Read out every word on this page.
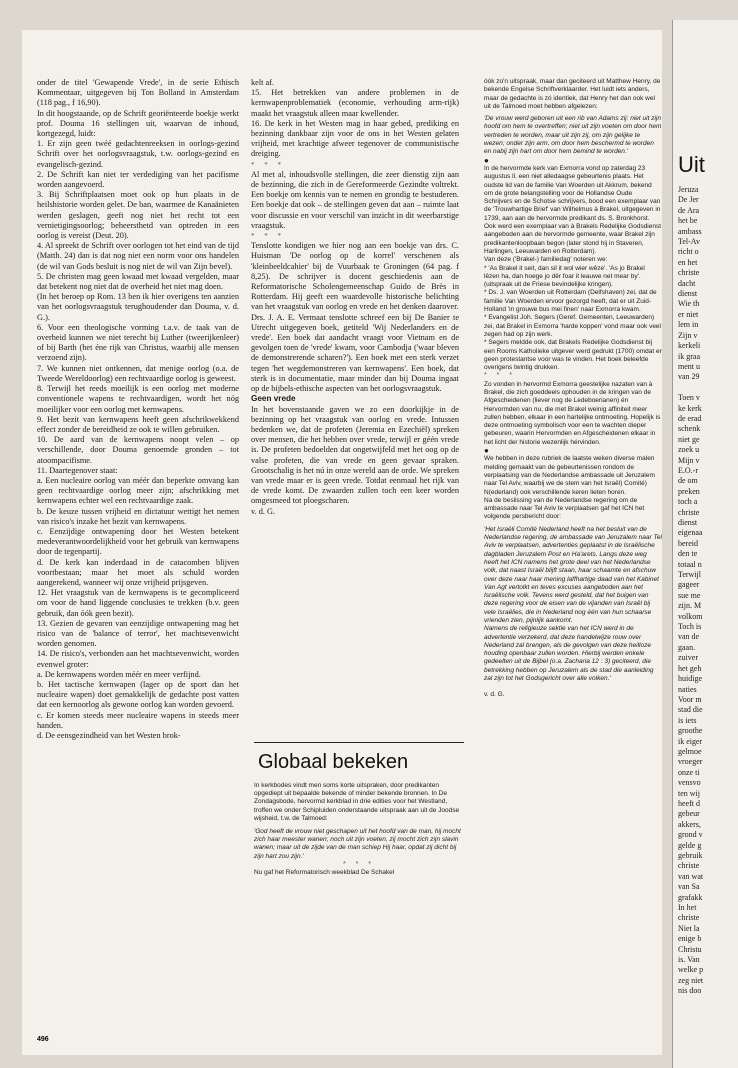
Uit
Jeruza
De Jer
de Ara
het be
ambass
Tel-Av
richt o
en het
christe
dacht
dienst
Wie th
er niet
lem in
Zijn v
kerkeli
ik graa
ment u
van 29

Toen v
ke kerk
de erad
schenk
niet ge
zoek u
Mijn v
E.O.-r
de om
preken
toch a
christe
dienst
eigenaa
bereid
den te
totaal n
Terwijl
gageer
sue me
zijn. M
volkom
Toch is
van de
gaan.
zuiver
het geh
huidige
naties
Voor m
stad die
is iets
groothe
ik eiger
gelmoe
vroeger
onze ti
vensvo
ten wij
heeft d
gebeur
akkers,
grond v
gelde g
gebruik
christe
van wat
van Sa
grafakk
In het
christe
Niet la
enige b
Christu
is. Van
welke p
zeg niet
nis doo

onder de titel 'Gewapende Vrede', in de serie Ethisch Kommentaar, uitgegeven bij Ton Bolland in Amsterdam (118 pag., f 16,90).

In dit hoogstaande, op de Schrift georiënteerde boekje werkt prof. Douma 16 stellingen uit, waarvan de inhoud, kortgezegd, luidt:

1. Er zijn geen twéé gedachtenreeksen in oorlogs-gezind Schrift over het oorlogsvraagstuk, t.w. oorlogs-gezind en evangelisch-gezind.

2. De Schrift kan niet ter verdediging van het pacifisme worden aangevoerd.

3. Bij Schriftplaatsen moet ook op hun plaats in de heilshistorie worden gelet. De ban, waarmee de Kanaänieten werden geslagen, geeft nog niet het recht tot een vernietigingsoorlog; beheersthetd van optreden in een oorlog is vereist (Deut. 20).

4. Al spreekt de Schrift over oorlogen tot het eind van de tijd (Matth. 24) dan is dat nog niet een norm voor ons handelen (de wil van Gods besluit is nog niet de wil van Zijn bevel).

5. De christen mag geen kwaad met kwaad vergelden, maar dat betekent nog niet dat de overheid het niet mag doen.

(In het beroep op Rom. 13 ben ik hier overigens ten aanzien van het oorlogsvraagstuk terughoudender dan Douma, v. d. G.).

6. Voor een theologische vorming t.a.v. de taak van de overheid kunnen we niet terecht bij Luther (tweerijkenleer) of bij Barth (het éne rijk van Christus, waarbij alle mensen verzoend zijn).

7. We kunnen niet ontkennen, dat menige oorlog (o.a. de Tweede Wereldoorlog) een rechtvaardige oorlog is geweest.

8. Terwijl het reeds moeilijk is een oorlog met moderne conventionele wapens te rechtvaardigen, wordt het nóg moeilijker voor een oorlog met kernwapens.

9. Het bezit van kernwapens heeft geen afschrikwekkend effect zonder de bereidheid ze ook te willen gebruiken.

10. De aard van de kernwapens noopt velen – op verschillende, door Douma genoemde gronden – tot atoompacifisme.

11. Daartegenover staat:

a. Een nucleaire oorlog van méér dan beperkte omvang kan geen rechtvaardige oorlog meer zijn; afschrikking met kernwapens echter wel een rechtvaardige zaak.

b. De keuze tussen vrijheid en dictatuur wettigt het nemen van risico's inzake het bezit van kernwapens.

c. Eenzijdige ontwapening door het Westen betekent medeverantwoordelijkheid voor het gebruik van kernwapens door de tegenpartij.

d. De kerk kan inderdaad in de catacomben blijven voortbestaan; maar het moet als schuld worden aangerekend, wanneer wij onze vrijheid prijsgeven.

12. Het vraagstuk van de kernwapens is te gecompliceerd om voor de hand liggende conclusies te trekken (b.v. geen gebruik, dan óók geen bezit).

13. Gezien de gevaren van eenzijdige ontwapening mag het risico van de 'balance of terror', het machtsevenwicht worden genomen.

14. De risico's, verbonden aan het machtsevenwicht, worden evenwel groter:

a. De kernwapens worden méér en meer verfijnd.

b. Het tactische kernwapen (lager op de sport dan het nucleaire wapen) doet gemakkelijk de gedachte post vatten dat een kernoorlog als gewone oorlog kan worden gevoerd.

c. Er komen steeds meer nucleaire wapens in steeds meer handen.

d. De eensgezindheid van het Westen brok-

kelt af.

15. Het betrekken van andere problemen in de kernwapenproblematiek (economie, verhouding arm-rijk) maakt het vraagstuk alleen maar kwellender.

16. De kerk in het Westen mag in haar gebed, prediking en bezinning dankbaar zijn voor de ons in het Westen gelaten vrijheid, met krachtige afweer tegenover de communistische dreiging.

* * *

Al met al, inhoudsvolle stellingen, die zeer dienstig zijn aan de bezinning, die zich in de Gereformeerde Gezindte voltrekt. Een boekje om kennis van te nemen en grondig te bestuderen. Een boekje dat ook – de stellingen geven dat aan – ruimte laat voor discussie en voor verschil van inzicht in dit weerbarstige vraagstuk.

* * *

Tenslotte kondigen we hier nog aan een boekje van drs. C. Huisman 'De oorlog op de korrel' verschenen als 'kleinbeeldcahier' bij de Vuurbaak te Groningen (64 pag. f 8,25). De schrijver is docent geschiedenis aan de Reformatorische Scholengemeenschap Guido de Brès in Rotterdam. Hij geeft een waardevolle historische belichting van het vraagstuk van oorlog en vrede en het denken daarover.

Drs. J. A. E. Vermaat tenslotte schreef een bij De Banier te Utrecht uitgegeven boek, getiteld 'Wij Nederlanders en de vrede'. Een boek dat aandacht vraagt voor Vietnam en de gevolgen toen de 'vrede' kwam, voor Cambodja ('waar bleven de demonstrerende scharen?'). Een boek met een sterk verzet tegen 'het wegdemonstreren van kernwapens'. Een boek, dat sterk is in documentatie, maar minder dan bij Douma ingaat op de bijbels-ethische aspecten van het oorlogsvraagstuk.

Geen vrede

In het bovenstaande gaven we zo een doorkijkje in de bezinning op het vraagstuk van oorlog en vrede. Intussen bedenken we, dat de profeten (Jeremia en Ezechiël) spreken over mensen, die het hebben over vrede, terwijl er géén vrede is. De profeten bedoelden dat ongetwijfeld met het oog op de valse profeten, die van vrede en geen gevaar spraken. Grootschalig is het nú in onze wereld aan de orde. We spreken van vrede maar er is geen vrede. Totdat eenmaal het rijk van de vrede komt. De zwaarden zullen toch een keer worden omgesmeed tot ploegscharen.

v. d. G.

Globaal bekeken

In kerkbodes vindt men soms korte uitspraken, door predikanten opgediept uit bepaalde bekende of minder bekende bronnen. In De Zondagsbode, hervormd kerkblad in drie edities voor het Westland, troffen we onder Schipluiden onderstaande uitspraak aan uit de Joodse wijsheid, t.w. de Talmoed:

'God heeft de vrouw niet geschapen uit het hoofd van de man, hij mocht zich haar meester wanen; noch uit zijn voeten, zij mocht zich zijn slavin wanen; maar uit de zijde van de man schiep Hij haar, opdat zij dicht bij zijn hart zou zijn.'

* * *

Nu gaf het Reformatorisch weekblad De Schakel

óók zo'n uitspraak, maar dan geciteerd uit Matthew Henry, de bekende Engelse Schriftverklaarder. Het luidt iets anders, maar de gedachte is zó identiek, dat Henry het dan ook wel uit de Talmoed moet hebben afgelezen:

'De vrouw werd geboren uit een rib van Adams zij: niet uit zijn hoofd om hem te overtreffen; niet uit zijn voeten om door hem vertreden te worden, maar uit zijn zij, om zijn gelijke te wezen; onder zijn arm, om door hem beschermd te worden en nabij zijn hart om door hem bemind te worden.'

●

In de hervormde kerk van Exmorra vond op zaterdag 23 augustus ll. een niet alledaagse gebeurtenis plaats. Het oudste lid van de familie Van Woerden uit Akkrum, bekend om de grote belangstelling voor de Hollandse Oude Schrijvers en de Schotse schrijvers, bood een exemplaar van de 'Trouwhartige Brief' van Wilhelmus à Brakel, uitgegeven in 1739, aan aan de hervormde predikant ds. S. Bronkhorst. Ook werd een exemplaar van à Brakels Redelijke Godsdienst aangeboden aan de hervormde gemeente, waar Brakel zijn predikantenloopbaan begon (later stond hij in Staveren, Harlingen, Leeuwarden en Rotterdam).

Van deze ('Brakel-) familiedag' noteren we:

* 'As Brakel it seit, dan sil it wol wier wêze'. 'As jo Brakel lêzen ha, dan hoege jo dêr foar it leauwe net mear by'. (uitspraak uit de Friese bevindelijke kringen).

* Ds. J. van Woerden uit Rotterdam (Delfshaven) zei, dat de familie Van Woerden ervoor gezorgd heeft, dat er uit Zuid-Holland 'in grouwe bus mei finen' naar Exmorra kwam.

* Evangelist Joh. Segers (Geref. Gemeenten, Leeuwarden) zei, dat Brakel in Exmorra 'harde koppen' vond maar ook veel zegen had op zijn werk.

* Segers meldde ook, dat Brakels Redelijke Godsdienst bij een Rooms Katholieke uitgever werd gedrukt (1700) omdat er geen protestantse voor was te vinden. Het boek beleefde overigens twintig drukken.

* * *

Zo vonden in hervormd Exmorra geestelijke nazaten van à Brakel, die zich goeddeels ophouden in de kringen van de Afgescheidenen (liever nog de Ledeboerianen) én Hervormden van nu, die met Brakel weinig affiniteit meer zullen hebben, elkaar in een hartelijke ontmoeting. Hopelijk is deze ontmoeting symbolisch voor een te wachten dieper gebeuren, waarin Hervormden en Afgescheidenen elkaar in het licht der historie wezenlijk hérvinden.

●

We hebben in deze rubriek de laatste weken diverse malen melding gemaakt van de gebeurtenissen rondom de verplaatsing van de Nederlandse ambassade uit Jeruzalem naar Tel Aviv, waarbij we de stem van het Israël) Comité) N(ederland) ook verschillende keren lieten horen.

Na de beslissing van de Nederlandse regering om de ambassade naar Tel Aviv te verplaatsen gaf het ICN het volgende persbericht door:

'Het Israëli Comité Nederland heeft na het besluit van de Nederlandse regering, de ambassade van Jeruzalem naar Tel Aviv te verplaatsen, advertenties geplaatst in de Israëlische dagbladen Jeruzalem Post en Ha'arets. Langs deze weg heeft het ICN namens het grote deel van het Nederlandse volk, dat naast Israël blijft staan, haar schaamte en afschuw over deze naar haar mening laffhartige daad van het Kabinet Van Agt vertolkt en teves excuses aangeboden aan het Israëlische volk. Tevens werd gesteld, dat het buigen van deze regering voor de eisen van de vijanden van Israël bij vele Israëlies, die in Nederland nog één van hun schaarse vrienden zien, pijnlijk aankomt.

Namens de religieuze sektie van het ICN werd in de advertentie verzekerd, dat deze handelwijze rouw over Nederland zal brengen, als de gevolgen van deze heilloze houding openbaar zullen worden. Hierbij werden enkele gedeelten uit de Bijbel (o.a. Zacharia 12 : 3) geciteerd, die betrekking hebben op Jeruzalem als de stad die aanleiding zal zijn tot het Godsgericht over alle volken.'

v. d. G.

496
